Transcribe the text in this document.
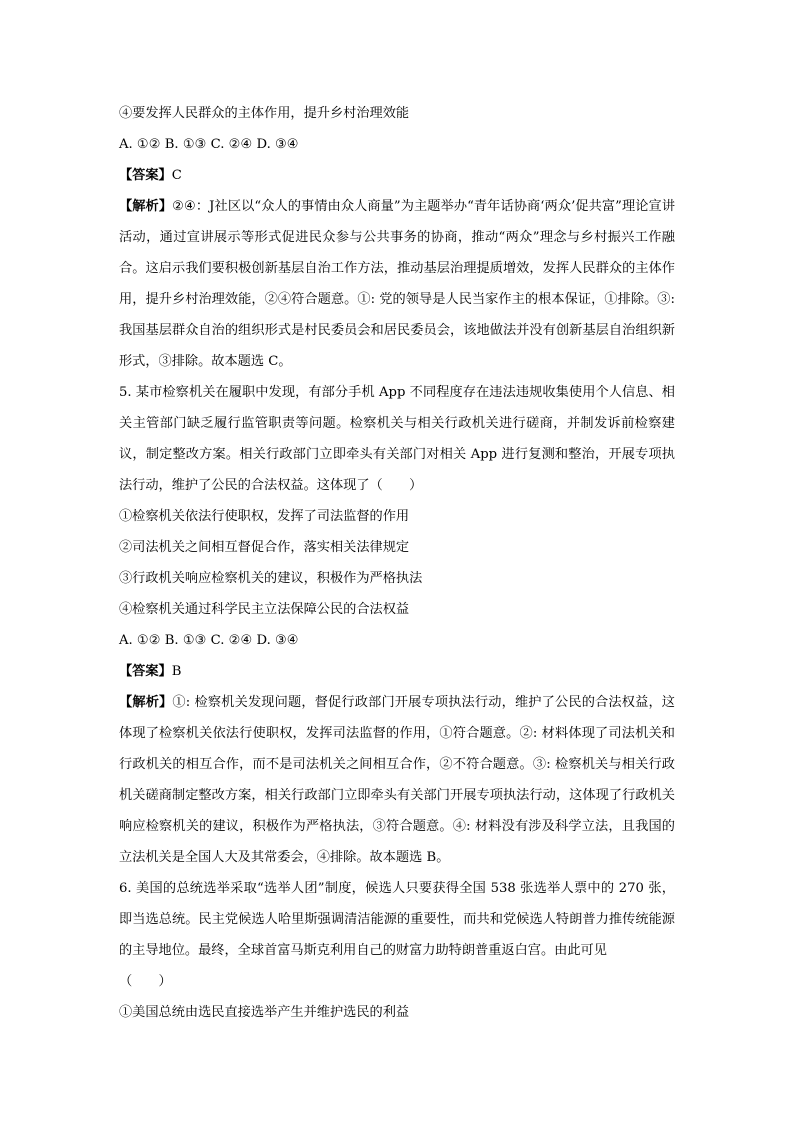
④要发挥人民群众的主体作用，提升乡村治理效能
A. ①② B. ①③ C. ②④ D. ③④
【答案】C

【解析】②④：J社区以“众人的事情由众人商量”为主题举办“青年话协商‘两众’促共富”理论宣讲活动，通过宣讲展示等形式促进民众参与公共事务的协商，推动“两众”理念与乡村振兴工作融合。这启示我们要积极创新基层自治工作方法，推动基层治理提质增效，发挥人民群众的主体作用，提升乡村治理效能，②④符合题意。①: 党的领导是人民当家作主的根本保证，①排除。③: 我国基层群众自治的组织形式是村民委员会和居民委员会，该地做法并没有创新基层自治组织新形式，③排除。故本题选 C。

5. 某市检察机关在履职中发现，有部分手机 App 不同程度存在违法违规收集使用个人信息、相关主管部门缺乏履行监管职责等问题。检察机关与相关行政机关进行磋商，并制发诉前检察建议，制定整改方案。相关行政部门立即牵头有关部门对相关 App 进行复测和整治，开展专项执法行动，维护了公民的合法权益。这体现了（　　）

①检察机关依法行使职权，发挥了司法监督的作用
②司法机关之间相互督促合作，落实相关法律规定
③行政机关响应检察机关的建议，积极作为严格执法
④检察机关通过科学民主立法保障公民的合法权益
A. ①② B. ①③ C. ②④ D. ③④
【答案】B

【解析】①: 检察机关发现问题，督促行政部门开展专项执法行动，维护了公民的合法权益，这体现了检察机关依法行使职权，发挥司法监督的作用，①符合题意。②: 材料体现了司法机关和行政机关的相互合作，而不是司法机关之间相互合作，②不符合题意。③: 检察机关与相关行政机关磋商制定整改方案，相关行政部门立即牵头有关部门开展专项执法行动，这体现了行政机关响应检察机关的建议，积极作为严格执法，③符合题意。④: 材料没有涉及科学立法，且我国的立法机关是全国人大及其常委会，④排除。故本题选 B。

6. 美国的总统选举采取“选举人团”制度，候选人只要获得全国 538 张选举人票中的 270 张，即当选总统。民主党候选人哈里斯强调清洁能源的重要性，而共和党候选人特朗普力推传统能源的主导地位。最终，全球首富马斯克利用自己的财富力助特朗普重返白宫。由此可见

（　　）
①美国总统由选民直接选举产生并维护选民的利益
